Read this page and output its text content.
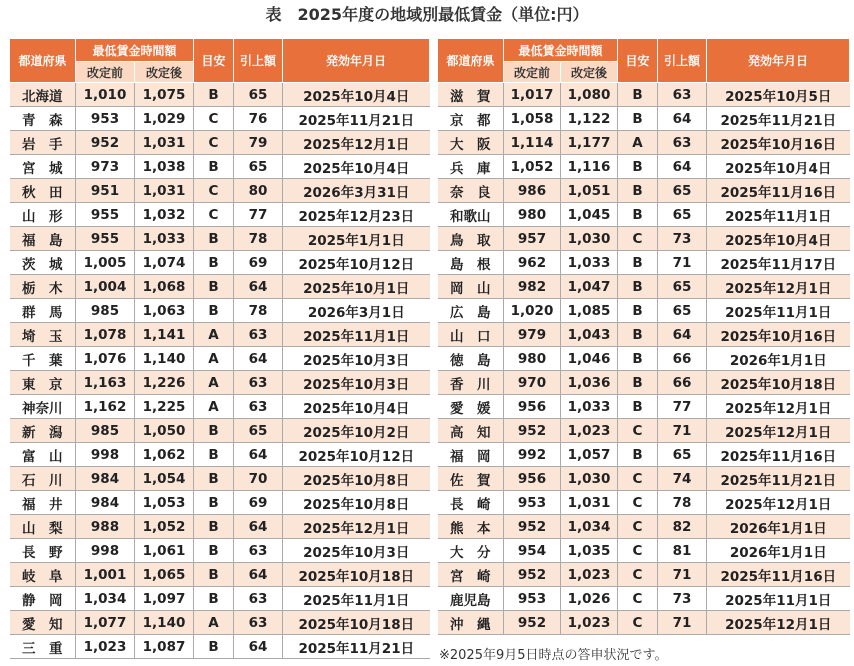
表　2025年度の地域別最低賃金（単位:円）
都道府県	最低賃金時間額		目安	引上額	発効年月日
	改定前	改定後			
北海道	1,010	1,075	B	65	2025年10月4日
青　森	953	1,029	C	76	2025年11月21日
岩　手	952	1,031	C	79	2025年12月1日
宮　城	973	1,038	B	65	2025年10月4日
秋　田	951	1,031	C	80	2026年3月31日
山　形	955	1,032	C	77	2025年12月23日
福　島	955	1,033	B	78	2025年1月1日
茨　城	1,005	1,074	B	69	2025年10月12日
栃　木	1,004	1,068	B	64	2025年10月1日
群　馬	985	1,063	B	78	2026年3月1日
埼　玉	1,078	1,141	A	63	2025年11月1日
千　葉	1,076	1,140	A	64	2025年10月3日
東　京	1,163	1,226	A	63	2025年10月3日
神奈川	1,162	1,225	A	63	2025年10月4日
新　潟	985	1,050	B	65	2025年10月2日
富　山	998	1,062	B	64	2025年10月12日
石　川	984	1,054	B	70	2025年10月8日
福　井	984	1,053	B	69	2025年10月8日
山　梨	988	1,052	B	64	2025年12月1日
長　野	998	1,061	B	63	2025年10月3日
岐　阜	1,001	1,065	B	64	2025年10月18日
静　岡	1,034	1,097	B	63	2025年11月1日
愛　知	1,077	1,140	A	63	2025年10月18日
三　重	1,023	1,087	B	64	2025年11月21日
都道府県	最低賃金時間額		目安	引上額	発効年月日
	改定前	改定後			
滋　賀	1,017	1,080	B	63	2025年10月5日
京　都	1,058	1,122	B	64	2025年11月21日
大　阪	1,114	1,177	A	63	2025年10月16日
兵　庫	1,052	1,116	B	64	2025年10月4日
奈　良	986	1,051	B	65	2025年11月16日
和歌山	980	1,045	B	65	2025年11月1日
鳥　取	957	1,030	C	73	2025年10月4日
島　根	962	1,033	B	71	2025年11月17日
岡　山	982	1,047	B	65	2025年12月1日
広　島	1,020	1,085	B	65	2025年11月1日
山　口	979	1,043	B	64	2025年10月16日
徳　島	980	1,046	B	66	2026年1月1日
香　川	970	1,036	B	66	2025年10月18日
愛　媛	956	1,033	B	77	2025年12月1日
高　知	952	1,023	C	71	2025年12月1日
福　岡	992	1,057	B	65	2025年11月16日
佐　賀	956	1,030	C	74	2025年11月21日
長　崎	953	1,031	C	78	2025年12月1日
熊　本	952	1,034	C	82	2026年1月1日
大　分	954	1,035	C	81	2026年1月1日
宮　崎	952	1,023	C	71	2025年11月16日
鹿児島	953	1,026	C	73	2025年11月1日
沖　縄	952	1,023	C	71	2025年12月1日
※2025年9月5日時点の答申状況です。
